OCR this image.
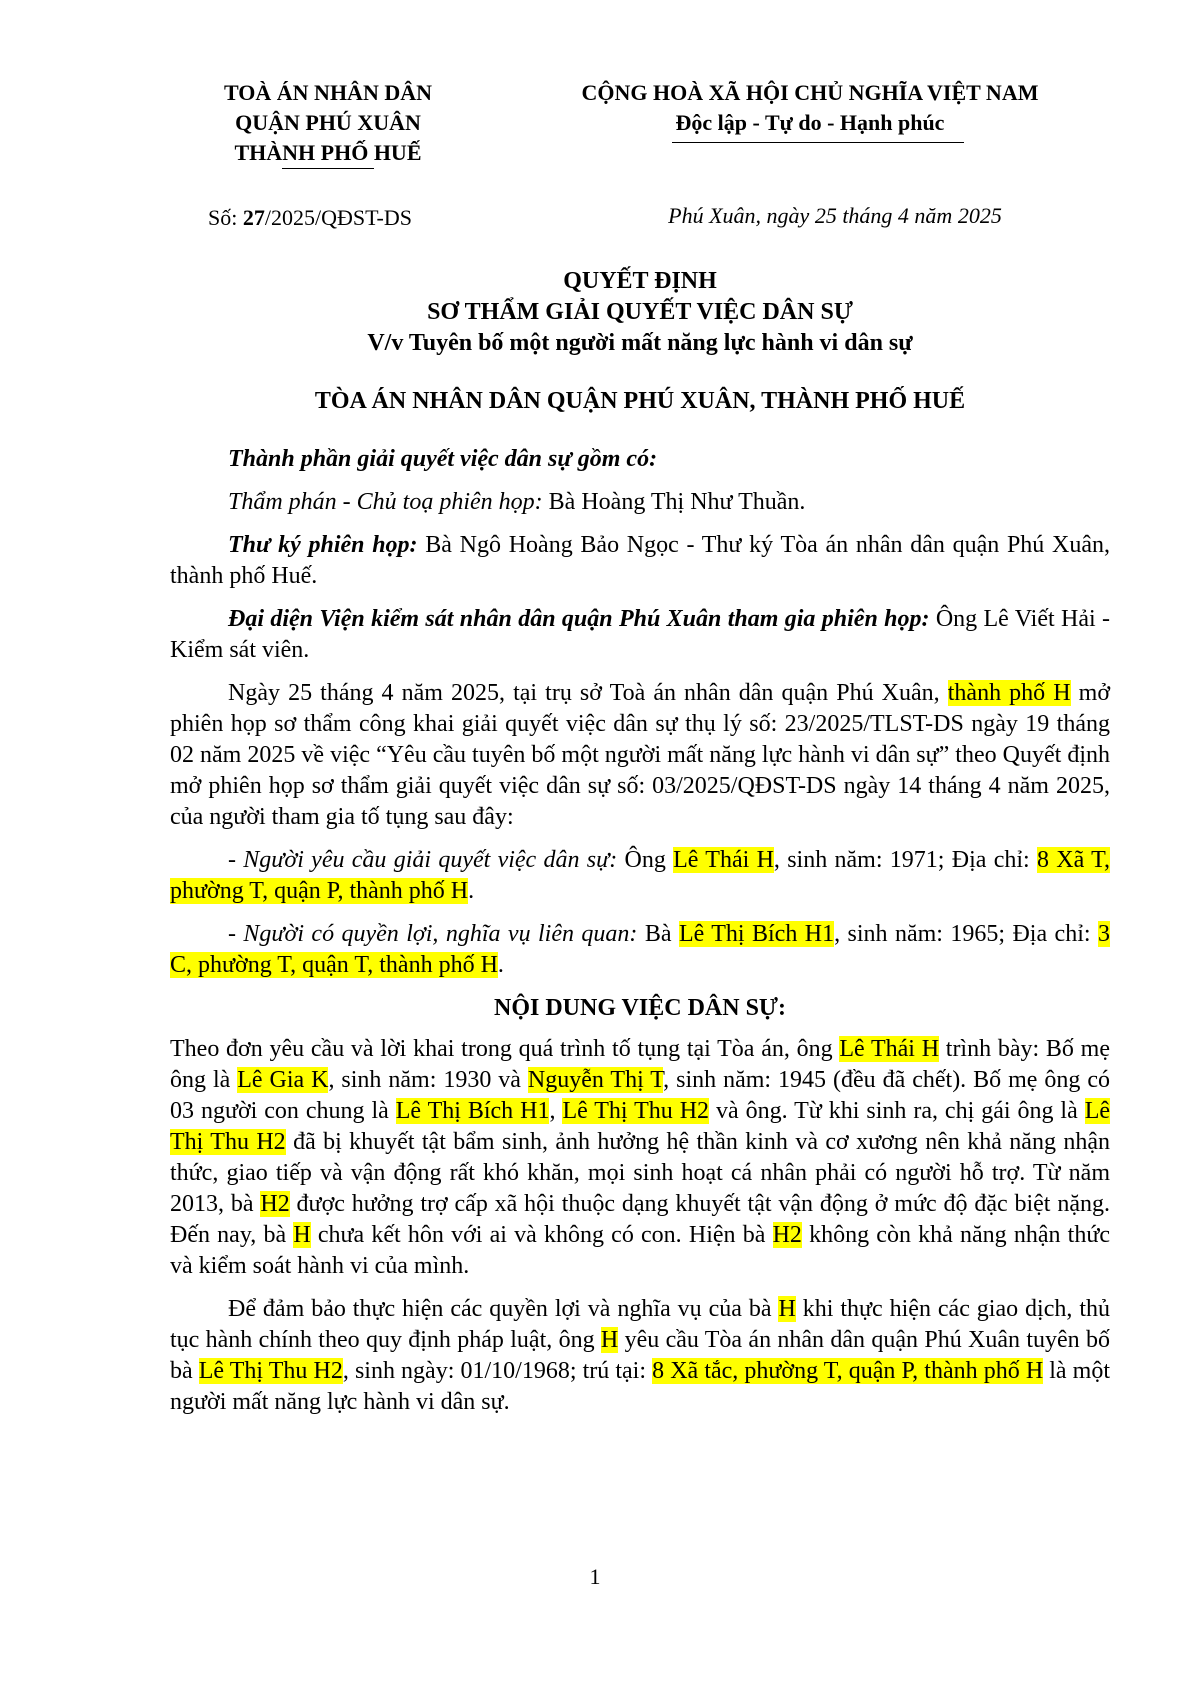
TOÀ ÁN NHÂN DÂN
QUẬN PHÚ XUÂN
THÀNH PHỐ HUẾ
CỘNG HOÀ XÃ HỘI CHỦ NGHĨA VIỆT NAM
Độc lập - Tự do - Hạnh phúc
Số: 27/2025/QĐST-DS	Phú Xuân, ngày 25 tháng 4 năm 2025
QUYẾT ĐỊNH
SƠ THẨM GIẢI QUYẾT VIỆC DÂN SỰ
V/v Tuyên bố một người mất năng lực hành vi dân sự
TÒA ÁN NHÂN DÂN QUẬN PHÚ XUÂN, THÀNH PHỐ HUẾ

Thành phần giải quyết việc dân sự gồm có:

Thẩm phán - Chủ toạ phiên họp: Bà Hoàng Thị Như Thuần.

Thư ký phiên họp: Bà Ngô Hoàng Bảo Ngọc - Thư ký Tòa án nhân dân quận Phú Xuân, thành phố Huế.

Đại diện Viện kiểm sát nhân dân quận Phú Xuân tham gia phiên họp: Ông Lê Viết Hải - Kiểm sát viên.

Ngày 25 tháng 4 năm 2025, tại trụ sở Toà án nhân dân quận Phú Xuân, thành phố H mở phiên họp sơ thẩm công khai giải quyết việc dân sự thụ lý số: 23/2025/TLST-DS ngày 19 tháng 02 năm 2025 về việc “Yêu cầu tuyên bố một người mất năng lực hành vi dân sự” theo Quyết định mở phiên họp sơ thẩm giải quyết việc dân sự số: 03/2025/QĐST-DS ngày 14 tháng 4 năm 2025, của người tham gia tố tụng sau đây:

- Người yêu cầu giải quyết việc dân sự: Ông Lê Thái H, sinh năm: 1971; Địa chỉ: 8 Xã T, phường T, quận P, thành phố H.

- Người có quyền lợi, nghĩa vụ liên quan: Bà Lê Thị Bích H1, sinh năm: 1965; Địa chỉ: 3 C, phường T, quận T, thành phố H.

NỘI DUNG VIỆC DÂN SỰ:

Theo đơn yêu cầu và lời khai trong quá trình tố tụng tại Tòa án, ông Lê Thái H trình bày: Bố mẹ ông là Lê Gia K, sinh năm: 1930 và Nguyễn Thị T, sinh năm: 1945 (đều đã chết). Bố mẹ ông có 03 người con chung là Lê Thị Bích H1, Lê Thị Thu H2 và ông. Từ khi sinh ra, chị gái ông là Lê Thị Thu H2 đã bị khuyết tật bẩm sinh, ảnh hưởng hệ thần kinh và cơ xương nên khả năng nhận thức, giao tiếp và vận động rất khó khăn, mọi sinh hoạt cá nhân phải có người hỗ trợ. Từ năm 2013, bà H2 được hưởng trợ cấp xã hội thuộc dạng khuyết tật vận động ở mức độ đặc biệt nặng. Đến nay, bà H chưa kết hôn với ai và không có con. Hiện bà H2 không còn khả năng nhận thức và kiểm soát hành vi của mình.

Để đảm bảo thực hiện các quyền lợi và nghĩa vụ của bà H khi thực hiện các giao dịch, thủ tục hành chính theo quy định pháp luật, ông H yêu cầu Tòa án nhân dân quận Phú Xuân tuyên bố bà Lê Thị Thu H2, sinh ngày: 01/10/1968; trú tại: 8 Xã tắc, phường T, quận P, thành phố H là một người mất năng lực hành vi dân sự.

1
